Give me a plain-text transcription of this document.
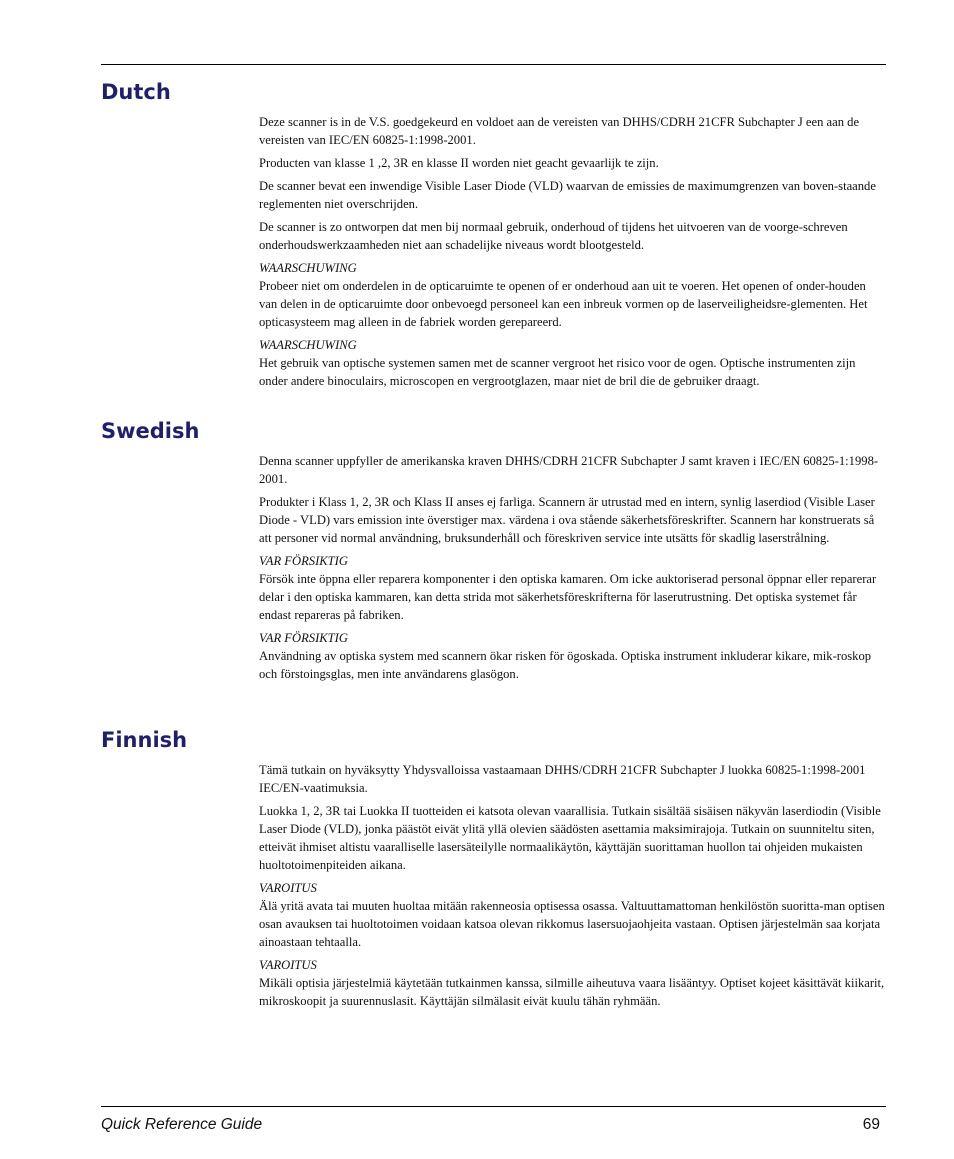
Dutch

Deze scanner is in de V.S. goedgekeurd en voldoet aan de vereisten van DHHS/CDRH 21CFR Subchapter J een aan de vereisten van IEC/EN 60825-1:1998-2001.

Producten van klasse 1 ,2, 3R en klasse II worden niet geacht gevaarlijk te zijn.

De scanner bevat een inwendige Visible Laser Diode (VLD) waarvan de emissies de maximumgrenzen van boven-staande reglementen niet overschrijden.

De scanner is zo ontworpen dat men bij normaal gebruik, onderhoud of tijdens het uitvoeren van de voorge-schreven onderhoudswerkzaamheden niet aan schadelijke niveaus wordt blootgesteld.

WAARSCHUWING

Probeer niet om onderdelen in de opticaruimte te openen of er onderhoud aan uit te voeren. Het openen of onder-houden van delen in de opticaruimte door onbevoegd personeel kan een inbreuk vormen op de laserveiligheidsre-glementen. Het opticasysteem mag alleen in de fabriek worden gerepareerd.

WAARSCHUWING

Het gebruik van optische systemen samen met de scanner vergroot het risico voor de ogen. Optische instrumenten zijn onder andere binoculairs, microscopen en vergrootglazen, maar niet de bril die de gebruiker draagt.

Swedish

Denna scanner uppfyller de amerikanska kraven DHHS/CDRH 21CFR Subchapter J samt kraven i IEC/EN 60825-1:1998-2001.

Produkter i Klass 1, 2, 3R och Klass II anses ej farliga. Scannern är utrustad med en intern, synlig laserdiod (Visible Laser Diode - VLD) vars emission inte överstiger max. värdena i ova stående säkerhetsföreskrifter. Scannern har konstruerats så att personer vid normal användning, bruksunderhåll och föreskriven service inte utsätts för skadlig laserstrålning.

VAR FÖRSIKTIG

Försök inte öppna eller reparera komponenter i den optiska kamaren. Om icke auktoriserad personal öppnar eller reparerar delar i den optiska kammaren, kan detta strida mot säkerhetsföreskrifterna för laserutrustning. Det optiska systemet får endast repareras på fabriken.

VAR FÖRSIKTIG

Användning av optiska system med scannern ökar risken för ögoskada. Optiska instrument inkluderar kikare, mik-roskop och förstoingsglas, men inte användarens glasögon.

Finnish

Tämä tutkain on hyväksytty Yhdysvalloissa vastaamaan DHHS/CDRH 21CFR Subchapter J luokka 60825-1:1998-2001 IEC/EN-vaatimuksia.

Luokka 1, 2, 3R tai Luokka II tuotteiden ei katsota olevan vaarallisia. Tutkain sisältää sisäisen näkyvän laserdiodin (Visible Laser Diode (VLD), jonka päästöt eivät ylitä yllä olevien säädösten asettamia maksimirajoja. Tutkain on suunniteltu siten, etteivät ihmiset altistu vaaralliselle lasersäteilylle normaalikäytön, käyttäjän suorittaman huollon tai ohjeiden mukaisten huoltotoimenpiteiden aikana.

VAROITUS

Älä yritä avata tai muuten huoltaa mitään rakenneosia optisessa osassa. Valtuuttamattoman henkilöstön suoritta-man optisen osan avauksen tai huoltotoimen voidaan katsoa olevan rikkomus lasersuojaohjeita vastaan. Optisen järjestelmän saa korjata ainoastaan tehtaalla.

VAROITUS

Mikäli optisia järjestelmiä käytetään tutkainmen kanssa, silmille aiheutuva vaara lisääntyy. Optiset kojeet käsittävät kiikarit, mikroskoopit ja suurennuslasit. Käyttäjän silmälasit eivät kuulu tähän ryhmään.

Quick Reference Guide	69
